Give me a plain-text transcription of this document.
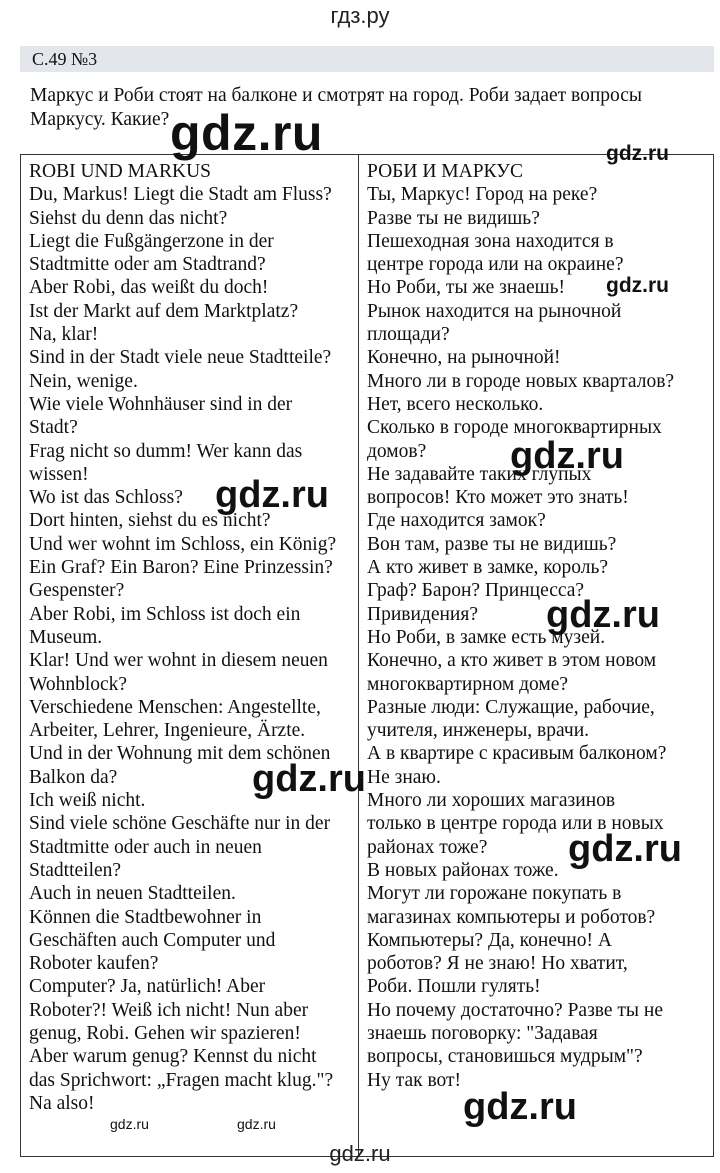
гдз.ру
С.49 №3
Маркус и Роби стоят на балконе и смотрят на город. Роби задает вопросы
Маркусу. Какие?
ROBI UND MARKUS
Du, Markus! Liegt die Stadt am Fluss?
Siehst du denn das nicht?
Liegt die Fußgängerzone in der
Stadtmitte oder am Stadtrand?
Aber Robi, das weißt du doch!
Ist der Markt auf dem Marktplatz?
Na, klar!
Sind in der Stadt viele neue Stadtteile?
Nein, wenige.
Wie viele Wohnhäuser sind in der
Stadt?
Frag nicht so dumm! Wer kann das
wissen!
Wo ist das Schloss?
Dort hinten, siehst du es nicht?
Und wer wohnt im Schloss, ein König?
Ein Graf? Ein Baron? Eine Prinzessin?
Gespenster?
Aber Robi, im Schloss ist doch ein
Museum.
Klar! Und wer wohnt in diesem neuen
Wohnblock?
Verschiedene Menschen: Angestellte,
Arbeiter, Lehrer, Ingenieure, Ärzte.
Und in der Wohnung mit dem schönen
Balkon da?
Ich weiß nicht.
Sind viele schöne Geschäfte nur in der
Stadtmitte oder auch in neuen
Stadtteilen?
Auch in neuen Stadtteilen.
Können die Stadtbewohner in
Geschäften auch Computer und
Roboter kaufen?
Computer? Ja, natürlich! Aber
Roboter?! Weiß ich nicht! Nun aber
genug, Robi. Gehen wir spazieren!
Aber warum genug? Kennst du nicht
das Sprichwort: „Fragen macht klug."?
Na also!
РОБИ И МАРКУС
Ты, Маркус! Город на реке?
Разве ты не видишь?
Пешеходная зона находится в
центре города или на окраине?
Но Роби, ты же знаешь!
Рынок находится на рыночной
площади?
Конечно, на рыночной!
Много ли в городе новых кварталов?
Нет, всего несколько.
Сколько в городе многоквартирных
домов?
Не задавайте таких глупых
вопросов! Кто может это знать!
Где находится замок?
Вон там, разве ты не видишь?
А кто живет в замке, король?
Граф? Барон? Принцесса?
Привидения?
Но Роби, в замке есть музей.
Конечно, а кто живет в этом новом
многоквартирном доме?
Разные люди: Служащие, рабочие,
учителя, инженеры, врачи.
А в квартире с красивым балконом?
Не знаю.
Много ли хороших магазинов
только в центре города или в новых
районах тоже?
В новых районах тоже.
Могут ли горожане покупать в
магазинах компьютеры и роботов?
Компьютеры? Да, конечно! А
роботов? Я не знаю! Но хватит,
Роби. Пошли гулять!
Но почему достаточно? Разве ты не
знаешь поговорку: "Задавая
вопросы, становишься мудрым"?
Ну так вот!
gdz.ru	gdz.ru
gdz.ru
gdz.ru
gdz.ru
gdz.ru
gdz.ru
gdz.ru
gdz.ru
gdz.ru	gdz.ru
gdz.ru
